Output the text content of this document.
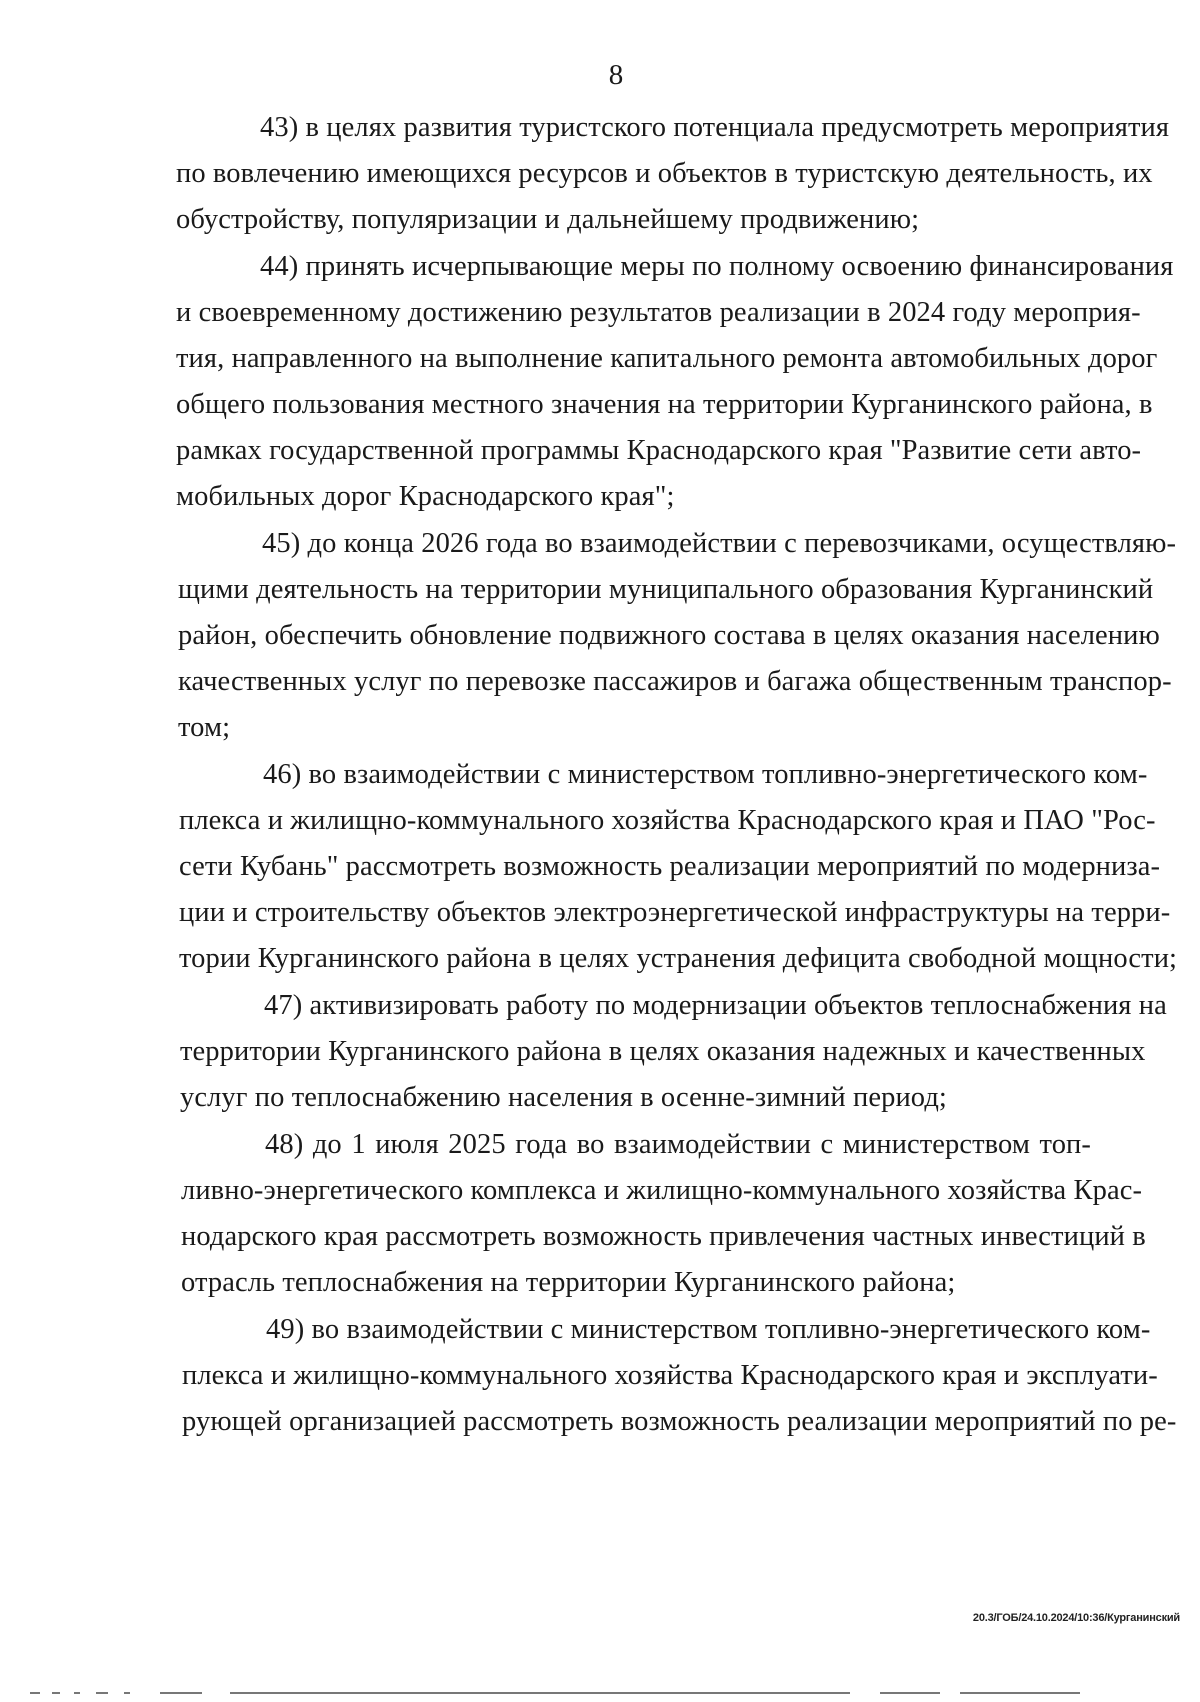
8
43) в целях развития туристского потенциала предусмотреть мероприятия
по вовлечению имеющихся ресурсов и объектов в туристскую деятельность, их
обустройству, популяризации и дальнейшему продвижению;
44) принять исчерпывающие меры по полному освоению финансирования
и своевременному достижению результатов реализации в 2024 году мероприя-
тия, направленного на выполнение капитального ремонта автомобильных дорог
общего пользования местного значения на территории Курганинского района, в
рамках государственной программы Краснодарского края "Развитие сети авто-
мобильных дорог Краснодарского края";
45) до конца 2026 года во взаимодействии с перевозчиками, осуществляю-
щими деятельность на территории муниципального образования Курганинский
район, обеспечить обновление подвижного состава в целях оказания населению
качественных услуг по перевозке пассажиров и багажа общественным транспор-
том;
46) во взаимодействии с министерством топливно-энергетического ком-
плекса и жилищно-коммунального хозяйства Краснодарского края и ПАО "Рос-
сети Кубань" рассмотреть возможность реализации мероприятий по модерниза-
ции и строительству объектов электроэнергетической инфраструктуры на терри-
тории Курганинского района в целях устранения дефицита свободной мощности;
47) активизировать работу по модернизации объектов теплоснабжения на
территории Курганинского района в целях оказания надежных и качественных
услуг по теплоснабжению населения в осенне-зимний период;
48) до 1 июля 2025 года во взаимодействии с министерством топ-
ливно-энергетического комплекса и жилищно-коммунального хозяйства Крас-
нодарского края рассмотреть возможность привлечения частных инвестиций в
отрасль теплоснабжения на территории Курганинского района;
49) во взаимодействии с министерством топливно-энергетического ком-
плекса и жилищно-коммунального хозяйства Краснодарского края и эксплуати-
рующей организацией рассмотреть возможность реализации мероприятий по ре-
20.3/ГОБ/24.10.2024/10:36/Курганинский
